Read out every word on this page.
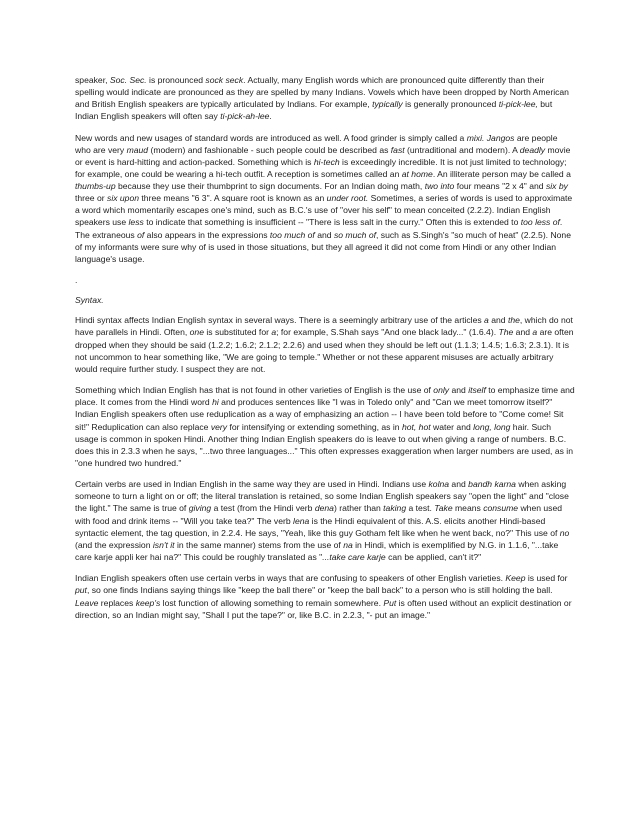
speaker, Soc. Sec. is pronounced sock seck. Actually, many English words which are pronounced quite differently than their spelling would indicate are pronounced as they are spelled by many Indians. Vowels which have been dropped by North American and British English speakers are typically articulated by Indians. For example, typically is generally pronounced ti-pick-lee, but Indian English speakers will often say ti-pick-ah-lee.

New words and new usages of standard words are introduced as well. A food grinder is simply called a mixi. Jangos are people who are very maud (modern) and fashionable - such people could be described as fast (untraditional and modern). A deadly movie or event is hard-hitting and action-packed. Something which is hi-tech is exceedingly incredible. It is not just limited to technology; for example, one could be wearing a hi-tech outfit. A reception is sometimes called an at home. An illiterate person may be called a thumbs-up because they use their thumbprint to sign documents. For an Indian doing math, two into four means "2 x 4" and six by three or six upon three means "6 3". A square root is known as an under root. Sometimes, a series of words is used to approximate a word which momentarily escapes one's mind, such as B.C.'s use of "over his self" to mean conceited (2.2.2). Indian English speakers use less to indicate that something is insufficient -- "There is less salt in the curry." Often this is extended to too less of. The extraneous of also appears in the expressions too much of and so much of, such as S.Singh's "so much of heat" (2.2.5). None of my informants were sure why of is used in those situations, but they all agreed it did not come from Hindi or any other Indian language's usage.

.

Syntax.

Hindi syntax affects Indian English syntax in several ways. There is a seemingly arbitrary use of the articles a and the, which do not have parallels in Hindi. Often, one is substituted for a; for example, S.Shah says "And one black lady..." (1.6.4). The and a are often dropped when they should be said (1.2.2; 1.6.2; 2.1.2; 2.2.6) and used when they should be left out (1.1.3; 1.4.5; 1.6.3; 2.3.1). It is not uncommon to hear something like, "We are going to temple." Whether or not these apparent misuses are actually arbitrary would require further study. I suspect they are not.

Something which Indian English has that is not found in other varieties of English is the use of only and itself to emphasize time and place. It comes from the Hindi word hi and produces sentences like "I was in Toledo only" and "Can we meet tomorrow itself?" Indian English speakers often use reduplication as a way of emphasizing an action -- I have been told before to "Come come! Sit sit!" Reduplication can also replace very for intensifying or extending something, as in hot, hot water and long, long hair. Such usage is common in spoken Hindi. Another thing Indian English speakers do is leave to out when giving a range of numbers. B.C. does this in 2.3.3 when he says, "...two three languages..." This often expresses exaggeration when larger numbers are used, as in "one hundred two hundred."

Certain verbs are used in Indian English in the same way they are used in Hindi. Indians use kolna and bandh karna when asking someone to turn a light on or off; the literal translation is retained, so some Indian English speakers say "open the light" and "close the light." The same is true of giving a test (from the Hindi verb dena) rather than taking a test. Take means consume when used with food and drink items -- "Will you take tea?" The verb lena is the Hindi equivalent of this. A.S. elicits another Hindi-based syntactic element, the tag question, in 2.2.4. He says, "Yeah, like this guy Gotham felt like when he went back, no?" This use of no (and the expression isn't it in the same manner) stems from the use of na in Hindi, which is exemplified by N.G. in 1.1.6, "...take care karje appli ker hai na?" This could be roughly translated as "...take care karje can be applied, can't it?"

Indian English speakers often use certain verbs in ways that are confusing to speakers of other English varieties. Keep is used for put, so one finds Indians saying things like "keep the ball there" or "keep the ball back" to a person who is still holding the ball. Leave replaces keep's lost function of allowing something to remain somewhere. Put is often used without an explicit destination or direction, so an Indian might say, "Shall I put the tape?" or, like B.C. in 2.2.3, "- put an image."
